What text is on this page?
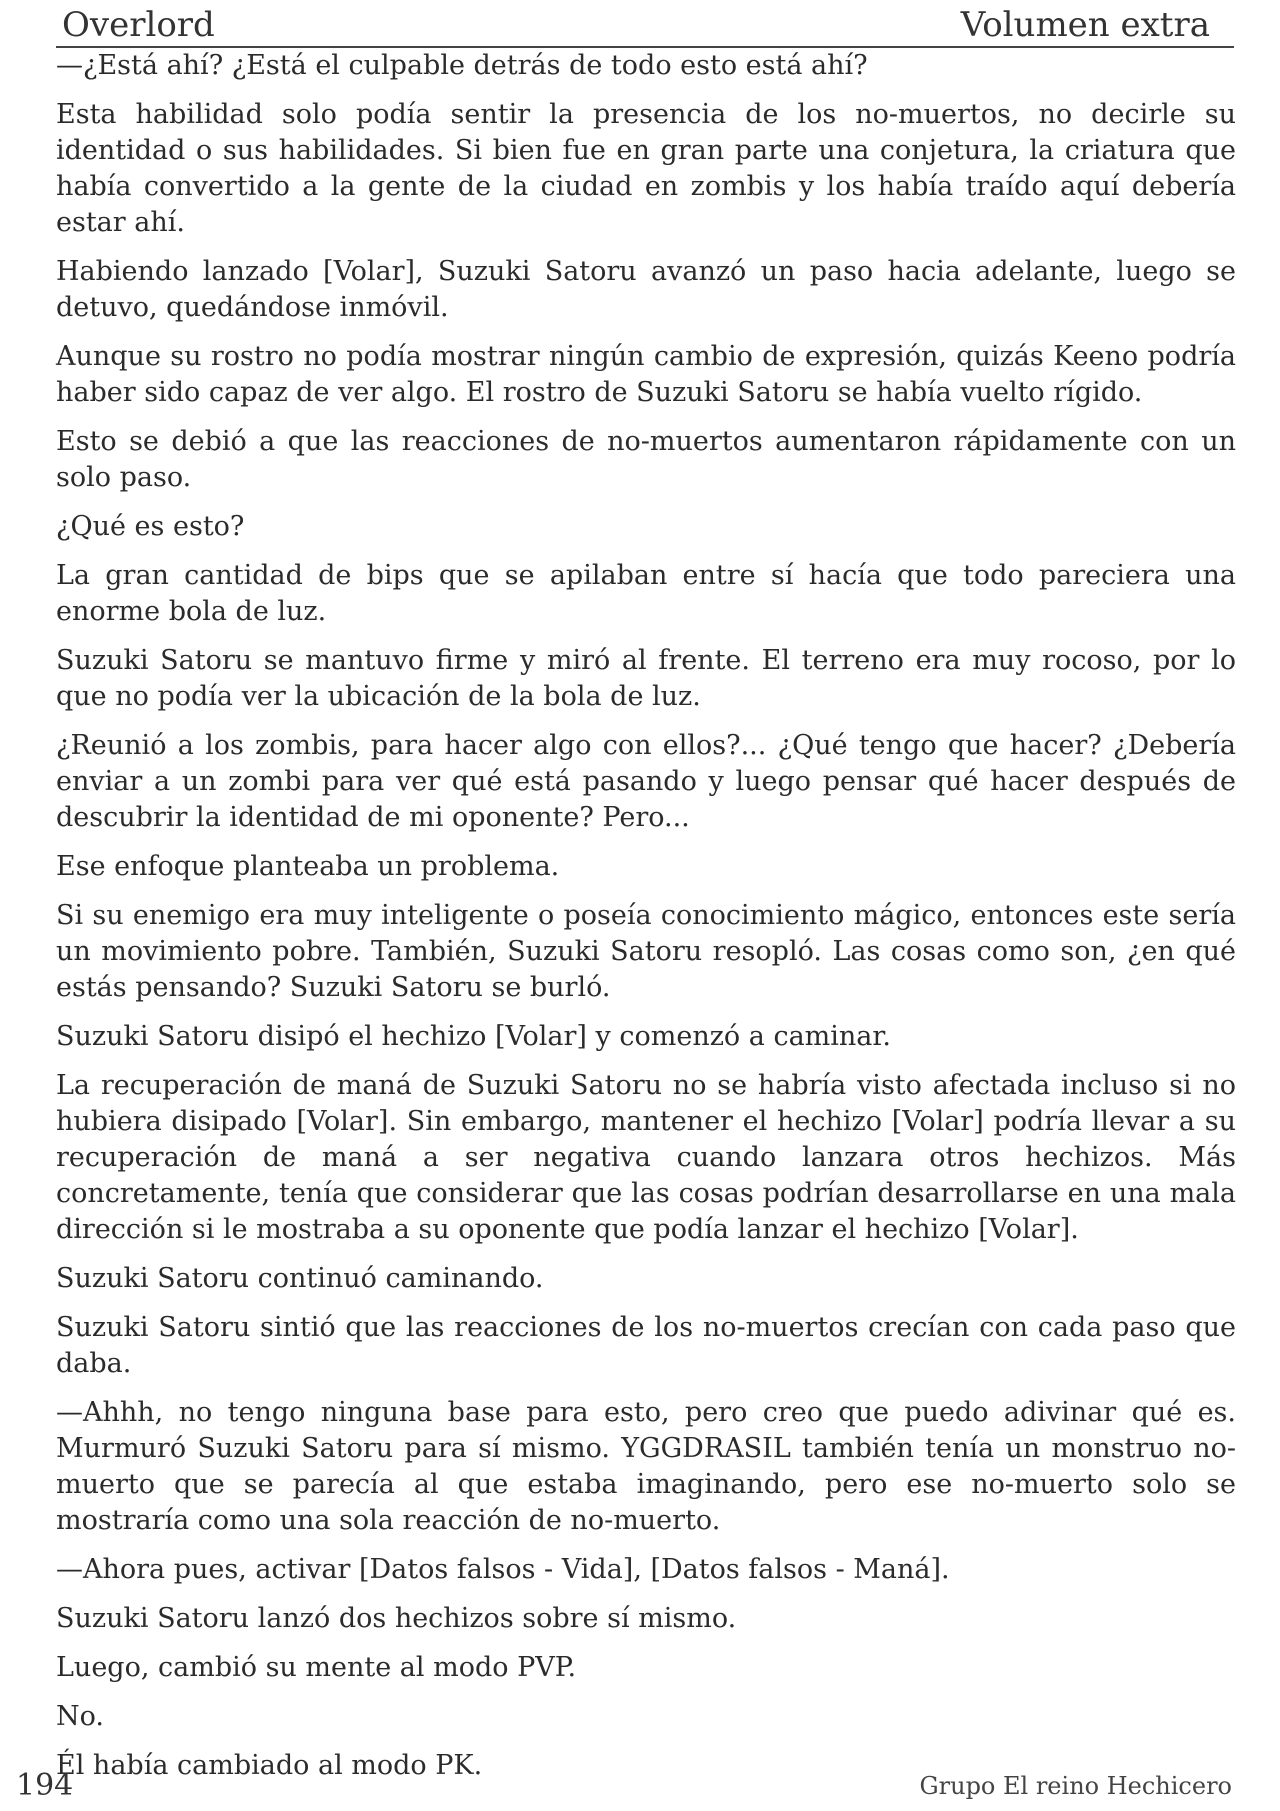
Overlord	Volumen extra

—¿Está ahí? ¿Está el culpable detrás de todo esto está ahí?

Esta habilidad solo podía sentir la presencia de los no-muertos, no decirle su identidad o sus habilidades. Si bien fue en gran parte una conjetura, la criatura que había convertido a la gente de la ciudad en zombis y los había traído aquí debería estar ahí.

Habiendo lanzado [Volar], Suzuki Satoru avanzó un paso hacia adelante, luego se detuvo, quedándose inmóvil.

Aunque su rostro no podía mostrar ningún cambio de expresión, quizás Keeno podría haber sido capaz de ver algo. El rostro de Suzuki Satoru se había vuelto rígido.

Esto se debió a que las reacciones de no-muertos aumentaron rápidamente con un solo paso.

¿Qué es esto?

La gran cantidad de bips que se apilaban entre sí hacía que todo pareciera una enorme bola de luz.

Suzuki Satoru se mantuvo firme y miró al frente. El terreno era muy rocoso, por lo que no podía ver la ubicación de la bola de luz.

¿Reunió a los zombis, para hacer algo con ellos?... ¿Qué tengo que hacer? ¿Debería enviar a un zombi para ver qué está pasando y luego pensar qué hacer después de descubrir la identidad de mi oponente? Pero...

Ese enfoque planteaba un problema.

Si su enemigo era muy inteligente o poseía conocimiento mágico, entonces este sería un movimiento pobre. También, Suzuki Satoru resopló. Las cosas como son, ¿en qué estás pensando? Suzuki Satoru se burló.

Suzuki Satoru disipó el hechizo [Volar] y comenzó a caminar.

La recuperación de maná de Suzuki Satoru no se habría visto afectada incluso si no hubiera disipado [Volar]. Sin embargo, mantener el hechizo [Volar] podría llevar a su recuperación de maná a ser negativa cuando lanzara otros hechizos. Más concretamente, tenía que considerar que las cosas podrían desarrollarse en una mala dirección si le mostraba a su oponente que podía lanzar el hechizo [Volar].

Suzuki Satoru continuó caminando.

Suzuki Satoru sintió que las reacciones de los no-muertos crecían con cada paso que daba.

—Ahhh, no tengo ninguna base para esto, pero creo que puedo adivinar qué es. Murmuró Suzuki Satoru para sí mismo. YGGDRASIL también tenía un monstruo no-muerto que se parecía al que estaba imaginando, pero ese no-muerto solo se mostraría como una sola reacción de no-muerto.

—Ahora pues, activar [Datos falsos - Vida], [Datos falsos - Maná].

Suzuki Satoru lanzó dos hechizos sobre sí mismo.

Luego, cambió su mente al modo PVP.

No.

Él había cambiado al modo PK.

194	Grupo El reino Hechicero
